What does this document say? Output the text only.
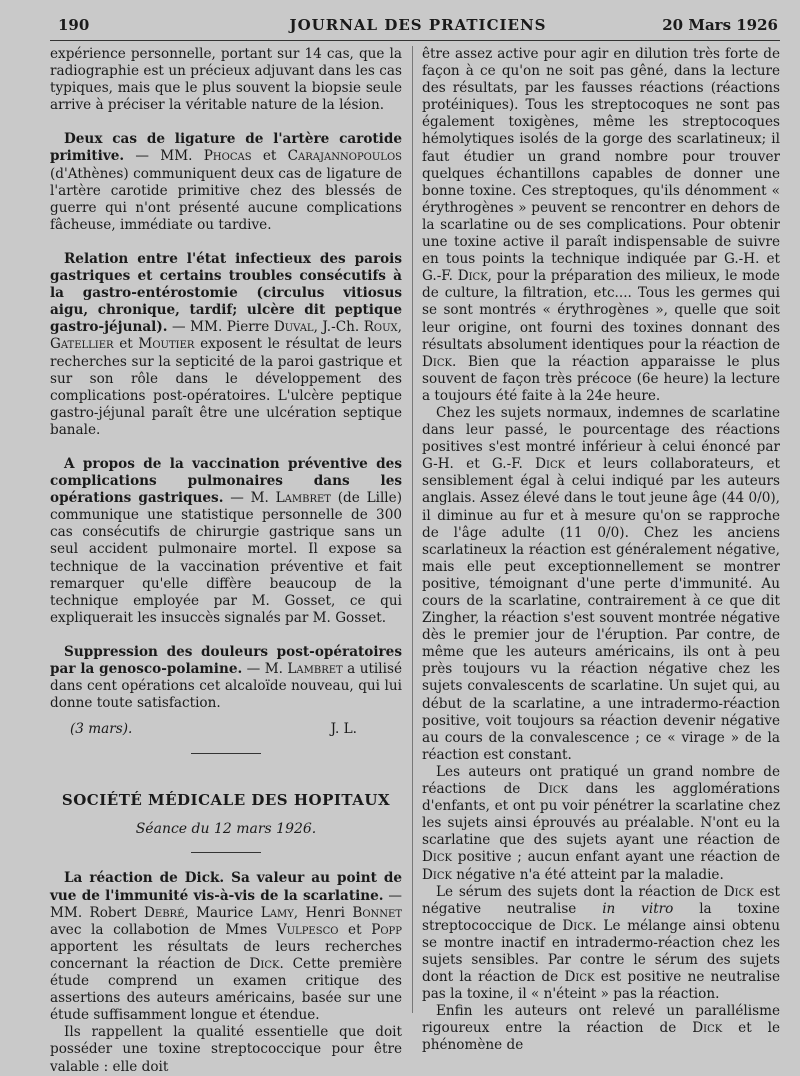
190	JOURNAL DES PRATICIENS	20 Mars 1926

expérience personnelle, portant sur 14 cas, que la radiographie est un précieux adjuvant dans les cas typiques, mais que le plus souvent la biopsie seule arrive à préciser la véritable nature de la lésion.

Deux cas de ligature de l'artère carotide primitive. — MM. Phocas et Carajannopoulos (d'Athènes) communiquent deux cas de ligature de l'artère carotide primitive chez des blessés de guerre qui n'ont présenté aucune complications fâcheuse, immédiate ou tardive.

Relation entre l'état infectieux des parois gastriques et certains troubles consécutifs à la gastro-entérostomie (circulus vitiosus aigu, chronique, tardif; ulcère dit peptique gastro-jéjunal). — MM. Pierre Duval, J.-Ch. Roux, Gatellier et Moutier exposent le résultat de leurs recherches sur la septicité de la paroi gastrique et sur son rôle dans le développement des complications post-opératoires. L'ulcère peptique gastro-jéjunal paraît être une ulcération septique banale.

A propos de la vaccination préventive des complications pulmonaires dans les opérations gastriques. — M. Lambret (de Lille) communique une statistique personnelle de 300 cas consécutifs de chirurgie gastrique sans un seul accident pulmonaire mortel. Il expose sa technique de la vaccination préventive et fait remarquer qu'elle diffère beaucoup de la technique employée par M. Gosset, ce qui expliquerait les insuccès signalés par M. Gosset.

Suppression des douleurs post-opératoires par la genosco-polamine. — M. Lambret a utilisé dans cent opérations cet alcaloïde nouveau, qui lui donne toute satisfaction.

(3 mars).	J. L.
SOCIÉTÉ MÉDICALE DES HOPITAUX
Séance du 12 mars 1926.

La réaction de Dick. Sa valeur au point de vue de l'immunité vis-à-vis de la scarlatine. — MM. Robert Debré, Maurice Lamy, Henri Bonnet avec la collabotion de Mmes Vulpesco et Popp apportent les résultats de leurs recherches concernant la réaction de Dick. Cette première étude comprend un examen critique des assertions des auteurs américains, basée sur une étude suffisamment longue et étendue.

Ils rappellent la qualité essentielle que doit posséder une toxine streptococcique pour être valable : elle doit

être assez active pour agir en dilution très forte de façon à ce qu'on ne soit pas gêné, dans la lecture des résultats, par les fausses réactions (réactions protéiniques). Tous les streptocoques ne sont pas également toxigènes, même les streptocoques hémolytiques isolés de la gorge des scarlatineux; il faut étudier un grand nombre pour trouver quelques échantillons capables de donner une bonne toxine. Ces streptoques, qu'ils dénomment « érythrogènes » peuvent se rencontrer en dehors de la scarlatine ou de ses complications. Pour obtenir une toxine active il paraît indispensable de suivre en tous points la technique indiquée par G.-H. et G.-F. Dick, pour la préparation des milieux, le mode de culture, la filtration, etc.... Tous les germes qui se sont montrés « érythrogènes », quelle que soit leur origine, ont fourni des toxines donnant des résultats absolument identiques pour la réaction de Dick. Bien que la réaction apparaisse le plus souvent de façon très précoce (6e heure) la lecture a toujours été faite à la 24e heure.

Chez les sujets normaux, indemnes de scarlatine dans leur passé, le pourcentage des réactions positives s'est montré inférieur à celui énoncé par G-H. et G.-F. Dick et leurs collaborateurs, et sensiblement égal à celui indiqué par les auteurs anglais. Assez élevé dans le tout jeune âge (44 0/0), il diminue au fur et à mesure qu'on se rapproche de l'âge adulte (11 0/0). Chez les anciens scarlatineux la réaction est généralement négative, mais elle peut exceptionnellement se montrer positive, témoignant d'une perte d'immunité. Au cours de la scarlatine, contrairement à ce que dit Zingher, la réaction s'est souvent montrée négative dès le premier jour de l'éruption. Par contre, de même que les auteurs américains, ils ont à peu près toujours vu la réaction négative chez les sujets convalescents de scarlatine. Un sujet qui, au début de la scarlatine, a une intradermo-réaction positive, voit toujours sa réaction devenir négative au cours de la convalescence ; ce « virage » de la réaction est constant.

Les auteurs ont pratiqué un grand nombre de réactions de Dick dans les agglomérations d'enfants, et ont pu voir pénétrer la scarlatine chez les sujets ainsi éprouvés au préalable. N'ont eu la scarlatine que des sujets ayant une réaction de Dick positive ; aucun enfant ayant une réaction de Dick négative n'a été atteint par la maladie.

Le sérum des sujets dont la réaction de Dick est négative neutralise in vitro la toxine streptococcique de Dick. Le mélange ainsi obtenu se montre inactif en intradermo-réaction chez les sujets sensibles. Par contre le sérum des sujets dont la réaction de Dick est positive ne neutralise pas la toxine, il « n'éteint » pas la réaction.

Enfin les auteurs ont relevé un parallélisme rigoureux entre la réaction de Dick et le phénomène de
